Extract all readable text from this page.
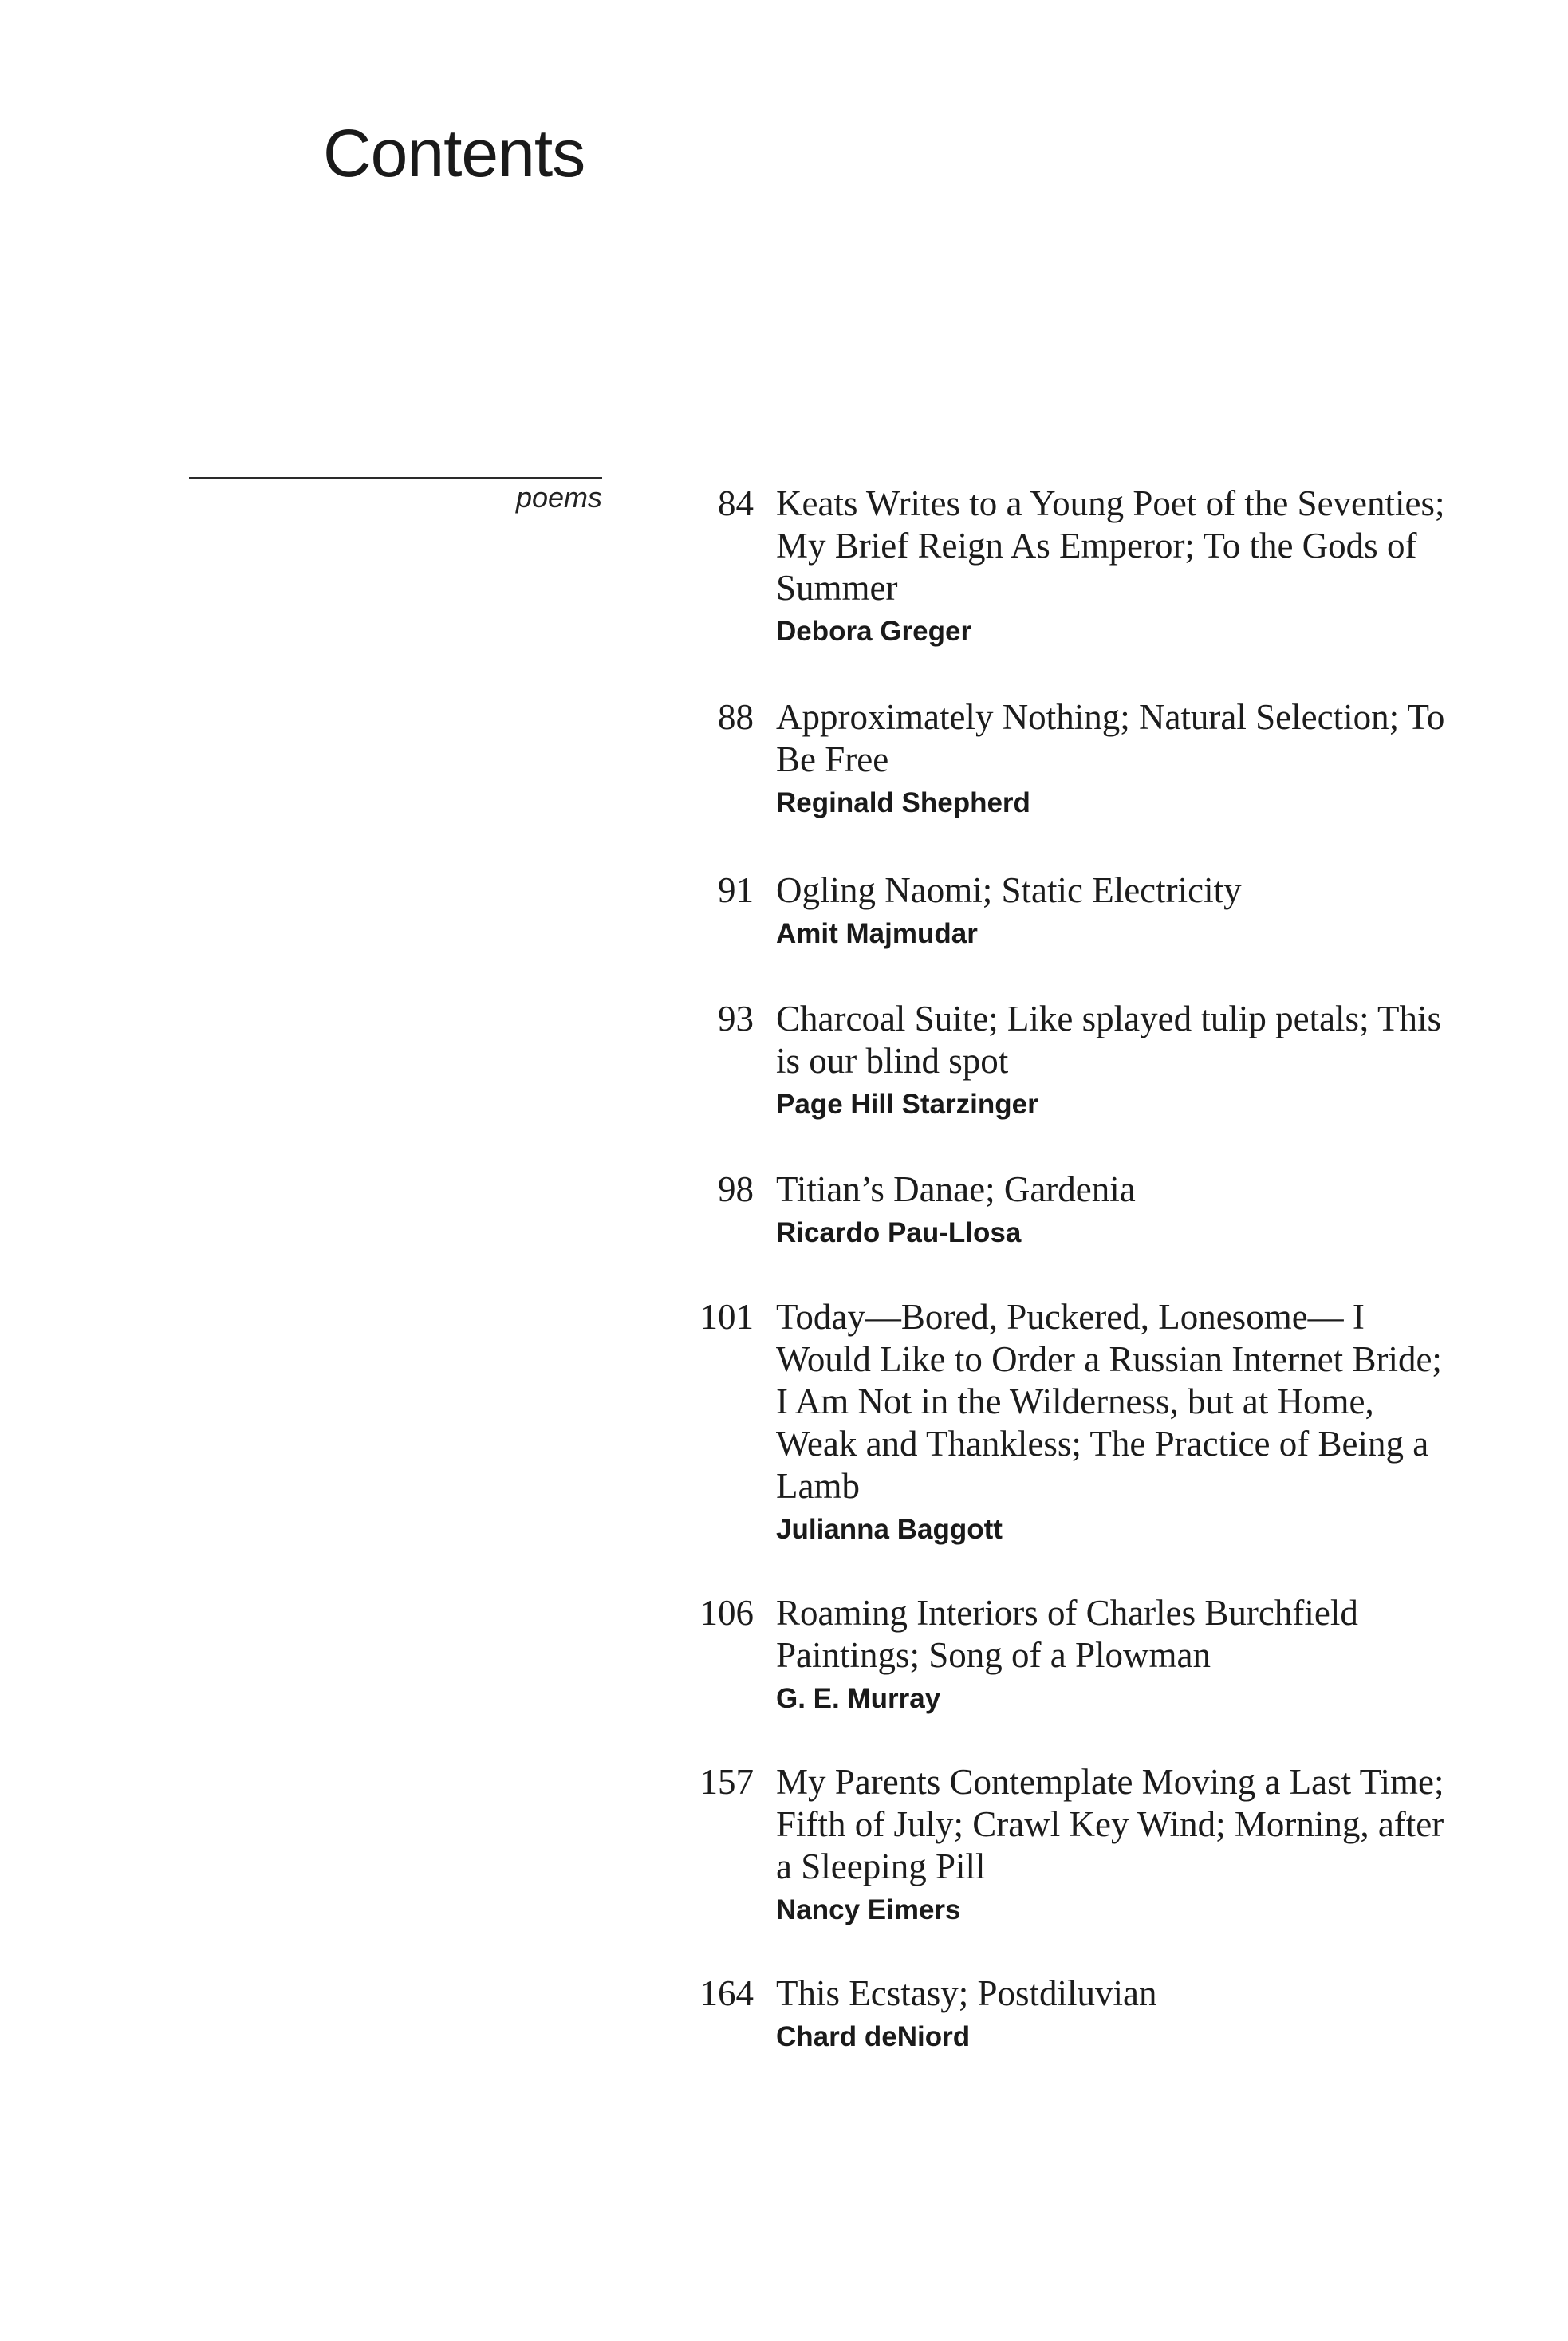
Contents
poems	84 Keats Writes to a Young Poet of the Seventies; My Brief Reign As Emperor; To the Gods of Summer
Debora Greger
88 Approximately Nothing; Natural Selection; To Be Free
Reginald Shepherd
91 Ogling Naomi; Static Electricity
Amit Majmudar
93 Charcoal Suite; Like splayed tulip petals; This is our blind spot
Page Hill Starzinger
98 Titian’s Danae; Gardenia
Ricardo Pau-Llosa
101 Today—Bored, Puckered, Lonesome— I Would Like to Order a Russian Internet Bride; I Am Not in the Wilderness, but at Home, Weak and Thankless; The Practice of Being a Lamb
Julianna Baggott
106 Roaming Interiors of Charles Burchfield Paintings; Song of a Plowman
G. E. Murray
157 My Parents Contemplate Moving a Last Time; Fifth of July; Crawl Key Wind; Morning, after a Sleeping Pill
Nancy Eimers
164 This Ecstasy; Postdiluvian
Chard deNiord
